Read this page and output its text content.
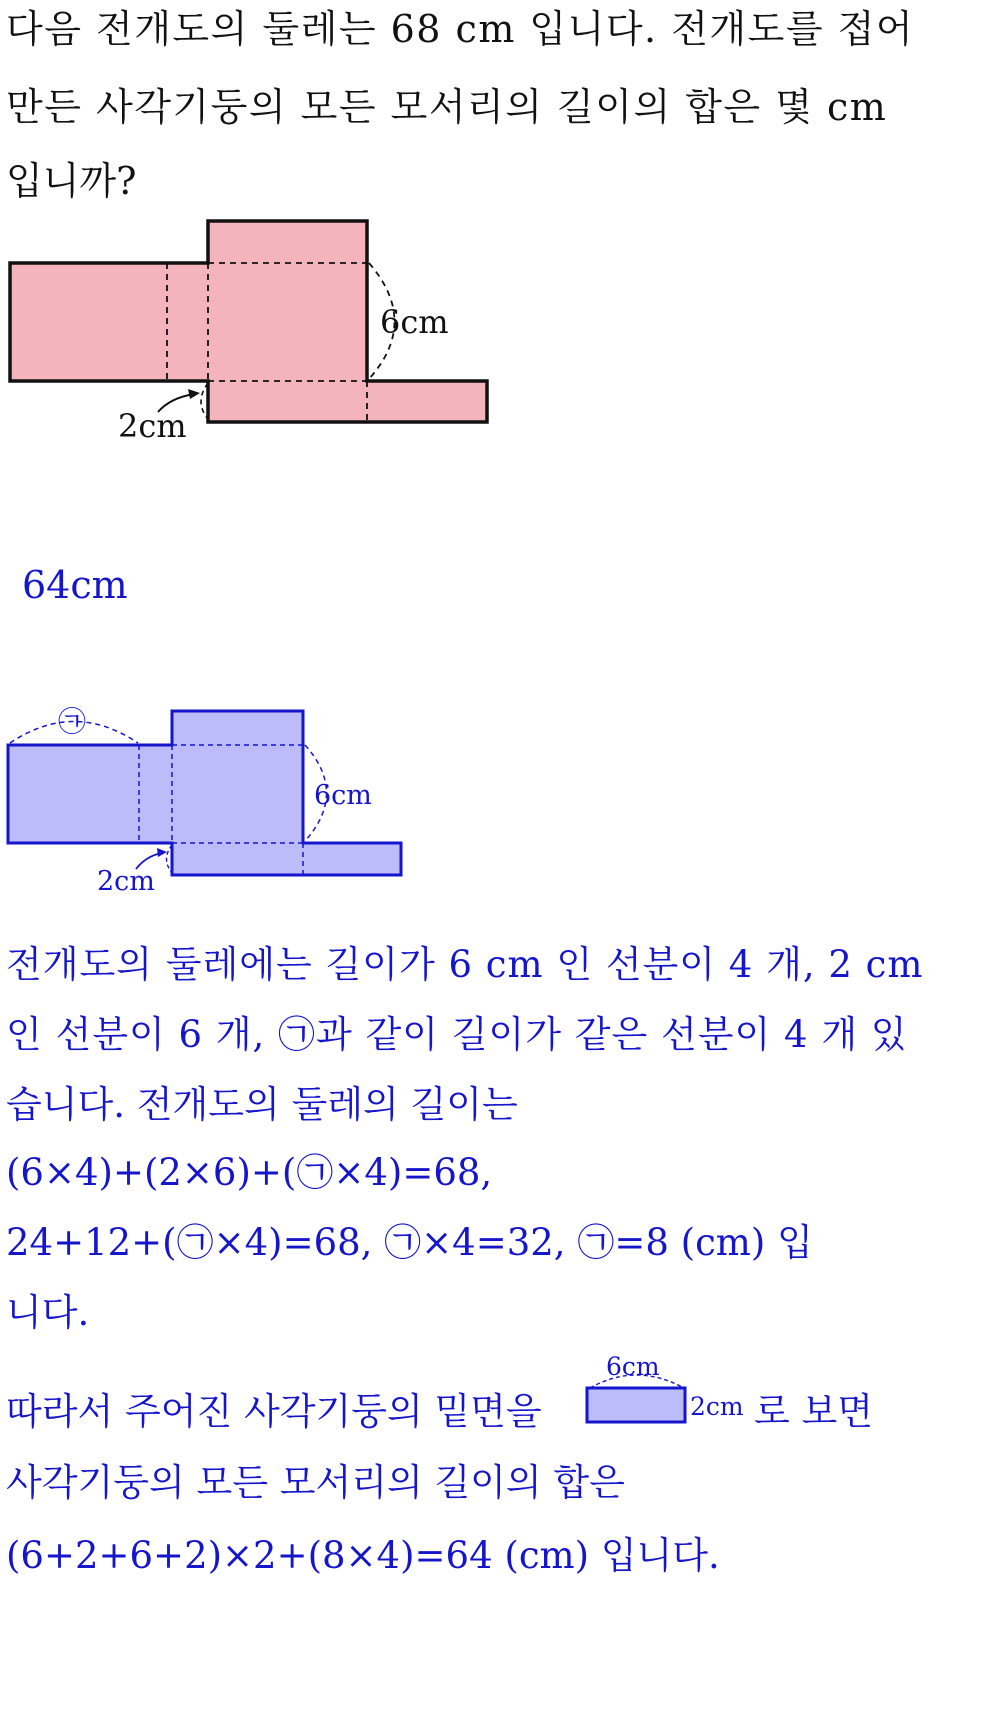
다음 전개도의 둘레는 68 cm 입니다. 전개도를 접어
만든 사각기둥의 모든 모서리의 길이의 합은 몇 cm
입니까?
6cm
2cm
64cm
㉠
6cm
2cm
전개도의 둘레에는 길이가 6 cm 인 선분이 4 개, 2 cm
인 선분이 6 개, ㉠과 같이 길이가 같은 선분이 4 개 있
습니다. 전개도의 둘레의 길이는
(6×4)+(2×6)+(㉠×4)=68,
24+12+(㉠×4)=68, ㉠×4=32, ㉠=8 (cm) 입
니다.
따라서 주어진 사각기둥의 밑면을
6cm
2cm 로 보면
사각기둥의 모든 모서리의 길이의 합은
(6+2+6+2)×2+(8×4)=64 (cm) 입니다.
